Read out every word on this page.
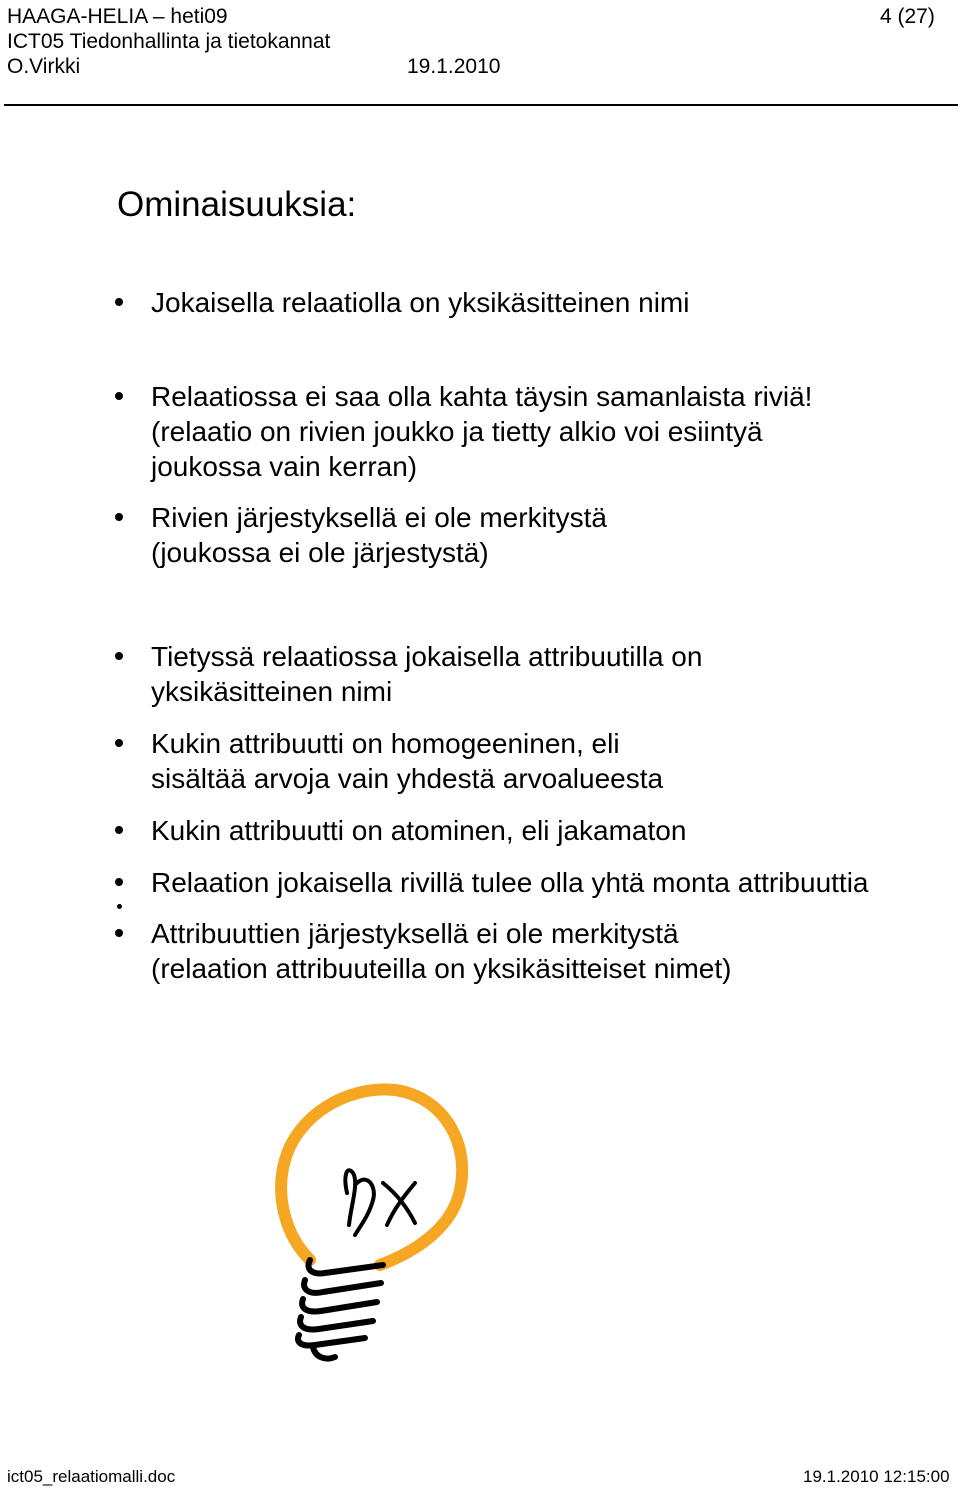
HAAGA-HELIA – heti09	4 (27)
ICT05 Tiedonhallinta ja tietokannat
O.Virkki	19.1.2010
Ominaisuuksia:
Jokaisella relaatiolla on yksikäsitteinen nimi
Relaatiossa ei saa olla kahta täysin samanlaista riviä!
(relaatio on rivien joukko ja tietty alkio voi esiintyä
joukossa vain kerran)
Rivien järjestyksellä ei ole merkitystä
(joukossa ei ole järjestystä)
Tietyssä relaatiossa jokaisella attribuutilla on
yksikäsitteinen nimi
Kukin attribuutti on homogeeninen, eli
sisältää arvoja vain yhdestä arvoalueesta
Kukin attribuutti on atominen, eli jakamaton
Relaation jokaisella rivillä tulee olla yhtä monta attribuuttia
Attribuuttien järjestyksellä ei ole merkitystä
(relaation attribuuteilla on yksikäsitteiset nimet)
ict05_relaatiomalli.doc	19.1.2010 12:15:00
